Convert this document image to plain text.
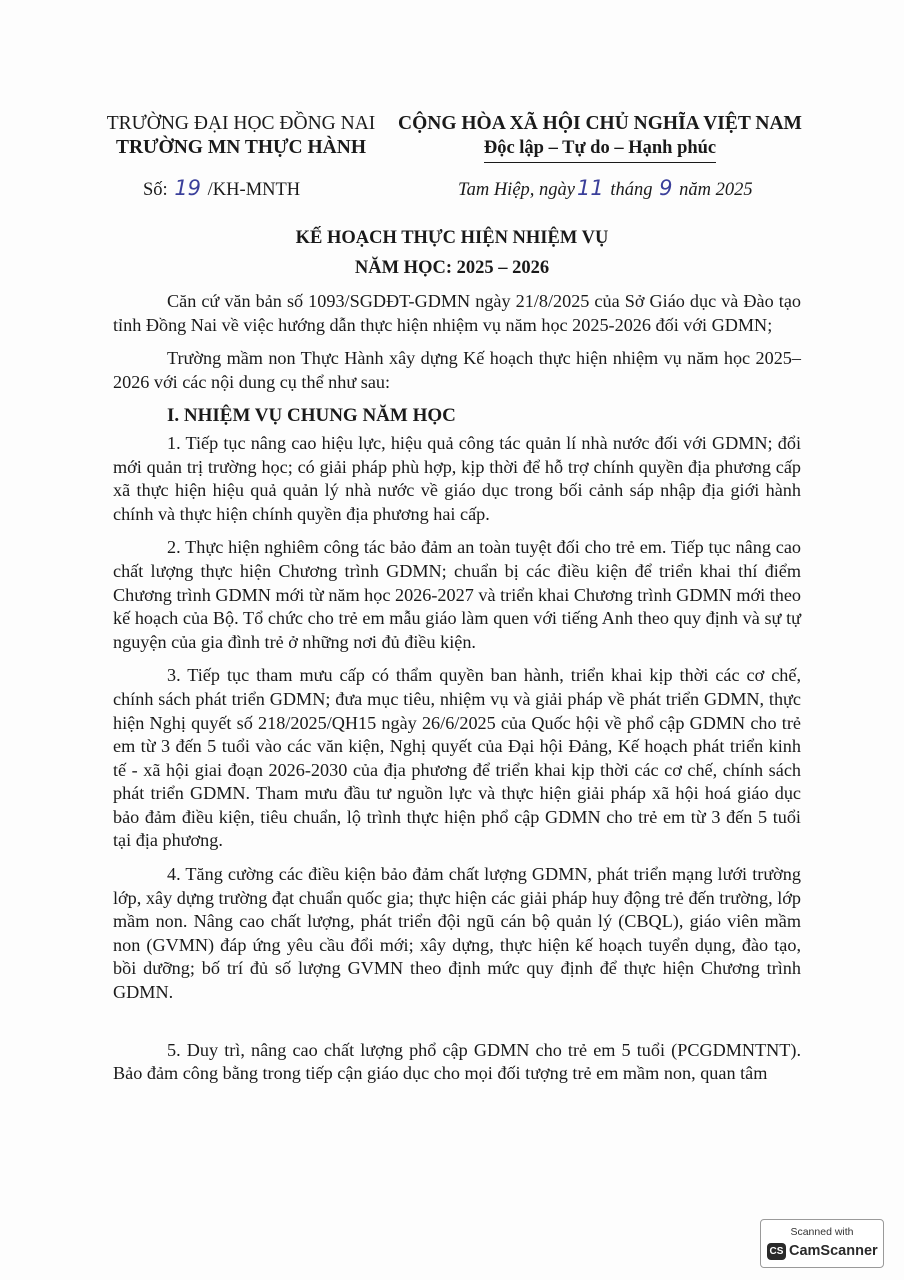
TRƯỜNG ĐẠI HỌC ĐỒNG NAI
TRƯỜNG MN THỰC HÀNH
CỘNG HÒA XÃ HỘI CHỦ NGHĨA VIỆT NAM
Độc lập – Tự do – Hạnh phúc
Số: 19 /KH-MNTH	Tam Hiệp, ngày11 tháng 9 năm 2025
KẾ HOẠCH THỰC HIỆN NHIỆM VỤ
NĂM HỌC: 2025 – 2026

Căn cứ văn bản số 1093/SGDĐT-GDMN ngày 21/8/2025 của Sở Giáo dục và Đào tạo tỉnh Đồng Nai về việc hướng dẫn thực hiện nhiệm vụ năm học 2025-2026 đối với GDMN;

Trường mầm non Thực Hành xây dựng Kế hoạch thực hiện nhiệm vụ năm học 2025– 2026 với các nội dung cụ thể như sau:

I. NHIỆM VỤ CHUNG NĂM HỌC

1. Tiếp tục nâng cao hiệu lực, hiệu quả công tác quản lí nhà nước đối với GDMN; đổi mới quản trị trường học; có giải pháp phù hợp, kịp thời để hỗ trợ chính quyền địa phương cấp xã thực hiện hiệu quả quản lý nhà nước về giáo dục trong bối cảnh sáp nhập địa giới hành chính và thực hiện chính quyền địa phương hai cấp.

2. Thực hiện nghiêm công tác bảo đảm an toàn tuyệt đối cho trẻ em. Tiếp tục nâng cao chất lượng thực hiện Chương trình GDMN; chuẩn bị các điều kiện để triển khai thí điểm Chương trình GDMN mới từ năm học 2026-2027 và triển khai Chương trình GDMN mới theo kế hoạch của Bộ. Tổ chức cho trẻ em mẫu giáo làm quen với tiếng Anh theo quy định và sự tự nguyện của gia đình trẻ ở những nơi đủ điều kiện.

3. Tiếp tục tham mưu cấp có thẩm quyền ban hành, triển khai kịp thời các cơ chế, chính sách phát triển GDMN; đưa mục tiêu, nhiệm vụ và giải pháp về phát triển GDMN, thực hiện Nghị quyết số 218/2025/QH15 ngày 26/6/2025 của Quốc hội về phổ cập GDMN cho trẻ em từ 3 đến 5 tuổi vào các văn kiện, Nghị quyết của Đại hội Đảng, Kế hoạch phát triển kinh tế - xã hội giai đoạn 2026-2030 của địa phương để triển khai kịp thời các cơ chế, chính sách phát triển GDMN. Tham mưu đầu tư nguồn lực và thực hiện giải pháp xã hội hoá giáo dục bảo đảm điều kiện, tiêu chuẩn, lộ trình thực hiện phổ cập GDMN cho trẻ em từ 3 đến 5 tuổi tại địa phương.

4. Tăng cường các điều kiện bảo đảm chất lượng GDMN, phát triển mạng lưới trường lớp, xây dựng trường đạt chuẩn quốc gia; thực hiện các giải pháp huy động trẻ đến trường, lớp mầm non. Nâng cao chất lượng, phát triển đội ngũ cán bộ quản lý (CBQL), giáo viên mầm non (GVMN) đáp ứng yêu cầu đổi mới; xây dựng, thực hiện kế hoạch tuyển dụng, đào tạo, bồi dưỡng; bố trí đủ số lượng GVMN theo định mức quy định để thực hiện Chương trình GDMN.

5. Duy trì, nâng cao chất lượng phổ cập GDMN cho trẻ em 5 tuổi (PCGDMNTNT). Bảo đảm công bằng trong tiếp cận giáo dục cho mọi đối tượng trẻ em mầm non, quan tâm

Scanned with
CS CamScanner
